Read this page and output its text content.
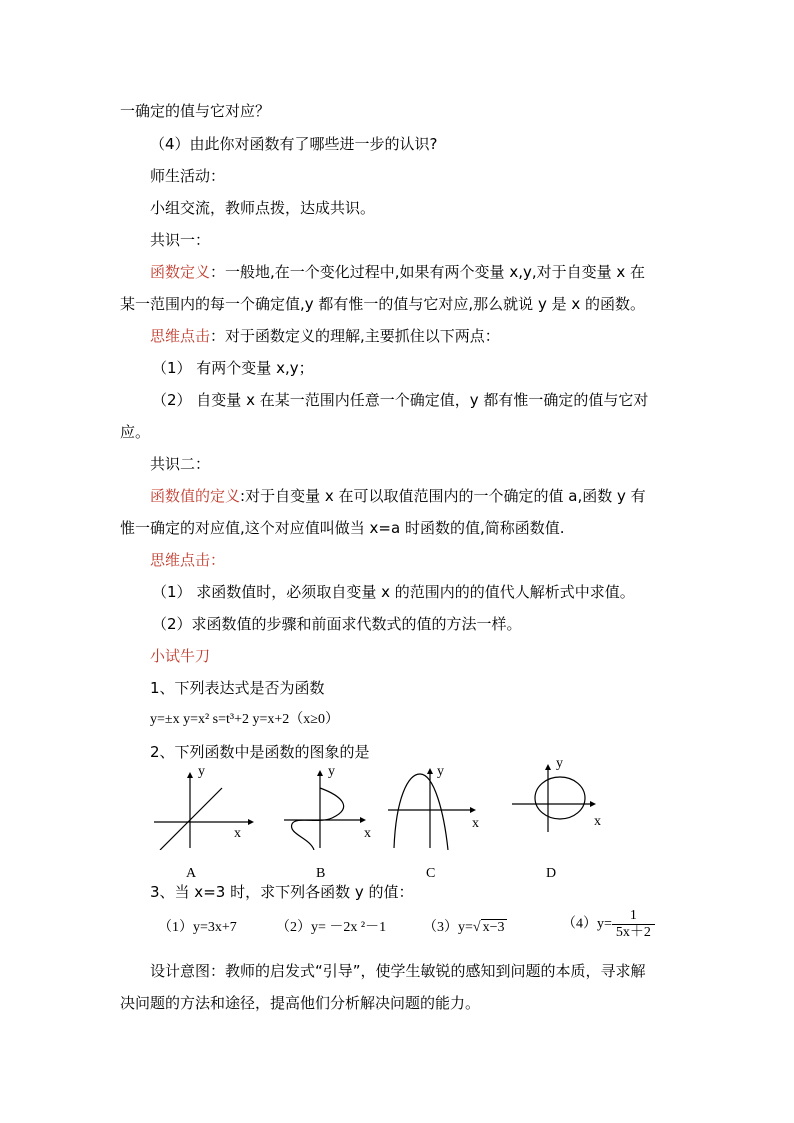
一确定的值与它对应？
（4）由此你对函数有了哪些进一步的认识?
师生活动：
小组交流，教师点拨，达成共识。
共识一：
函数定义：一般地,在一个变化过程中,如果有两个变量 x,y,对于自变量 x 在
某一范围内的每一个确定值,y 都有惟一的值与它对应,那么就说 y 是 x 的函数。
思维点击：对于函数定义的理解,主要抓住以下两点：
（1） 有两个变量 x,y；
（2） 自变量 x 在某一范围内任意一个确定值，y 都有惟一确定的值与它对
应。
共识二：
函数值的定义:对于自变量 x 在可以取值范围内的一个确定的值 a,函数 y 有
惟一确定的对应值,这个对应值叫做当 x=a 时函数的值,简称函数值.
思维点击：
（1） 求函数值时，必须取自变量 x 的范围内的的值代人解析式中求值。
（2）求函数值的步骤和前面求代数式的值的方法一样。
小试牛刀
1、下列表达式是否为函数
y=±x y=x² s=t³+2 y=x+2（x≥0）
2、下列函数中是函数的图象的是
y
x
A
y
x
B
y
x
C
y
x
D
3、当 x=3 时，求下列各函数 y 的值：
（1）y=3x+7	（2）y= －2x ²－1	（3）y=√ x−3	$(4)y= \frac{1}{5x+2}$
设计意图：教师的启发式“引导”，使学生敏锐的感知到问题的本质，寻求解
决问题的方法和途径，提高他们分析解决问题的能力。
